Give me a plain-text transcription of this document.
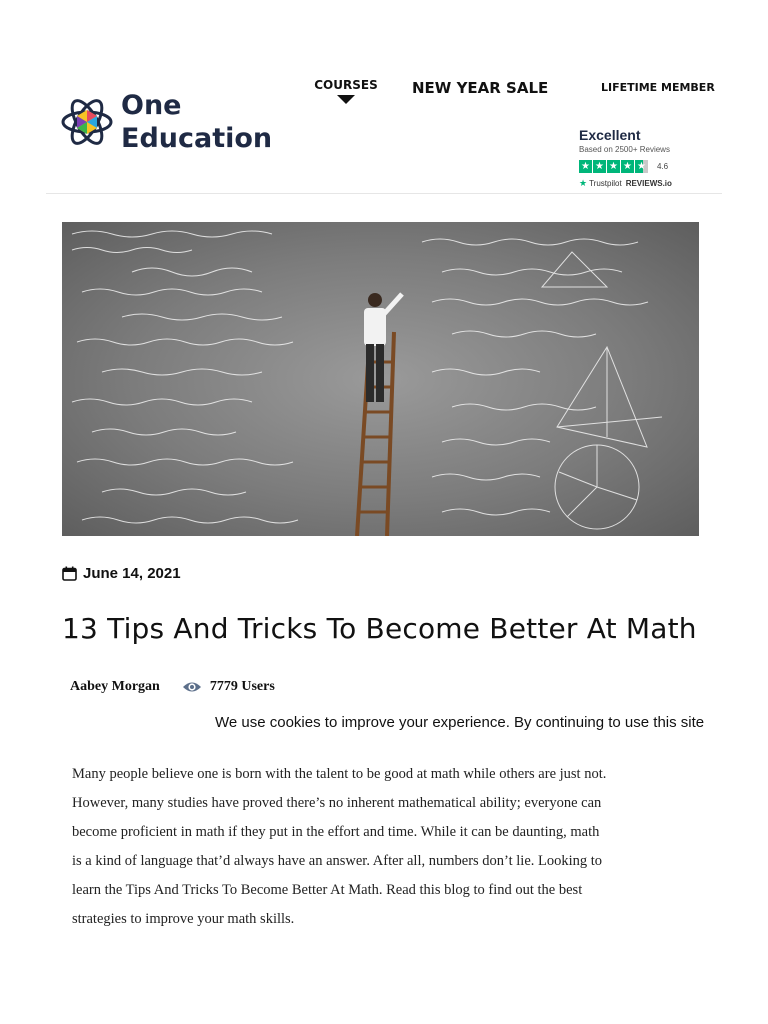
One
Education
COURSES NEW YEAR SALE	LIFETIME MEMBER
Excellent
Based on 2500+ Reviews
★ ★ ★ ★ ★ 4.6
★ Trustpilot REVIEWS.io
June 14, 2021
13 Tips And Tricks To Become Better At Math
Aabey Morgan	7779 Users
We use cookies to improve your experience. By continuing to use this site
Many people believe one is born with the talent to be good at math while others are just not.
However, many studies have proved there’s no inherent mathematical ability; everyone can
become proficient in math if they put in the effort and time. While it can be daunting, math
is a kind of language that’d always have an answer. After all, numbers don’t lie. Looking to
learn the Tips And Tricks To Become Better At Math. Read this blog to find out the best
strategies to improve your math skills.
